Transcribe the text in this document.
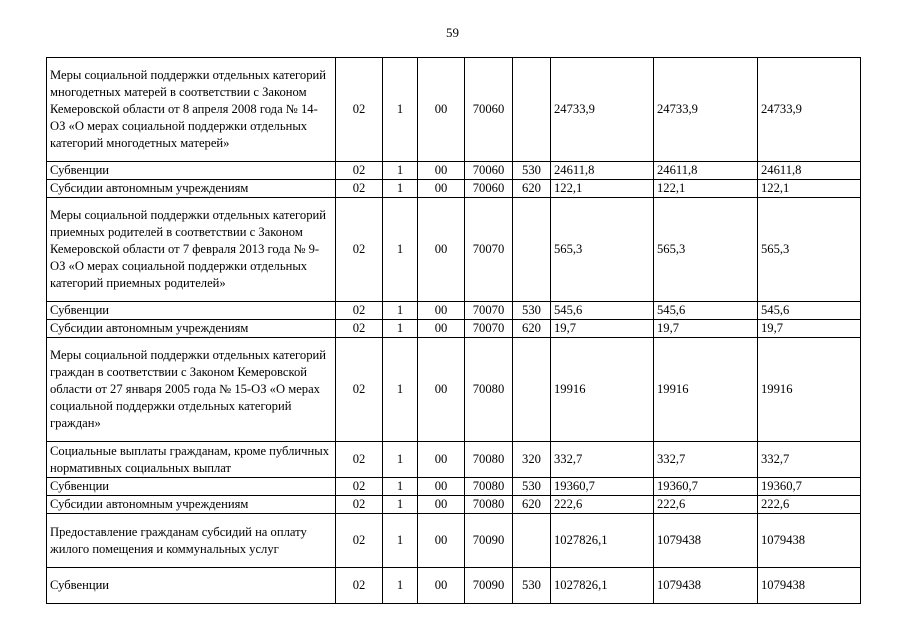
59
Меры социальной поддержки отдельных категорий многодетных матерей в соответствии с Законом Кемеровской области от 8 апреля 2008 года № 14-ОЗ «О мерах социальной поддержки отдельных категорий многодетных матерей»	02	1	00	70060		24733,9	24733,9	24733,9
Субвенции	02	1	00	70060	530	24611,8	24611,8	24611,8
Субсидии автономным учреждениям	02	1	00	70060	620	122,1	122,1	122,1
Меры социальной поддержки отдельных категорий приемных родителей в соответствии с Законом Кемеровской области от 7 февраля 2013 года № 9-ОЗ «О мерах социальной поддержки отдельных категорий приемных родителей»	02	1	00	70070		565,3	565,3	565,3
Субвенции	02	1	00	70070	530	545,6	545,6	545,6
Субсидии автономным учреждениям	02	1	00	70070	620	19,7	19,7	19,7
Меры социальной поддержки отдельных категорий граждан в соответствии с Законом Кемеровской области от 27 января 2005 года № 15-ОЗ «О мерах социальной поддержки отдельных категорий граждан»	02	1	00	70080		19916	19916	19916
Социальные выплаты гражданам, кроме публичных нормативных социальных выплат	02	1	00	70080	320	332,7	332,7	332,7
Субвенции	02	1	00	70080	530	19360,7	19360,7	19360,7
Субсидии автономным учреждениям	02	1	00	70080	620	222,6	222,6	222,6
Предоставление гражданам субсидий на оплату жилого помещения и коммунальных услуг	02	1	00	70090		1027826,1	1079438	1079438
Субвенции	02	1	00	70090	530	1027826,1	1079438	1079438
